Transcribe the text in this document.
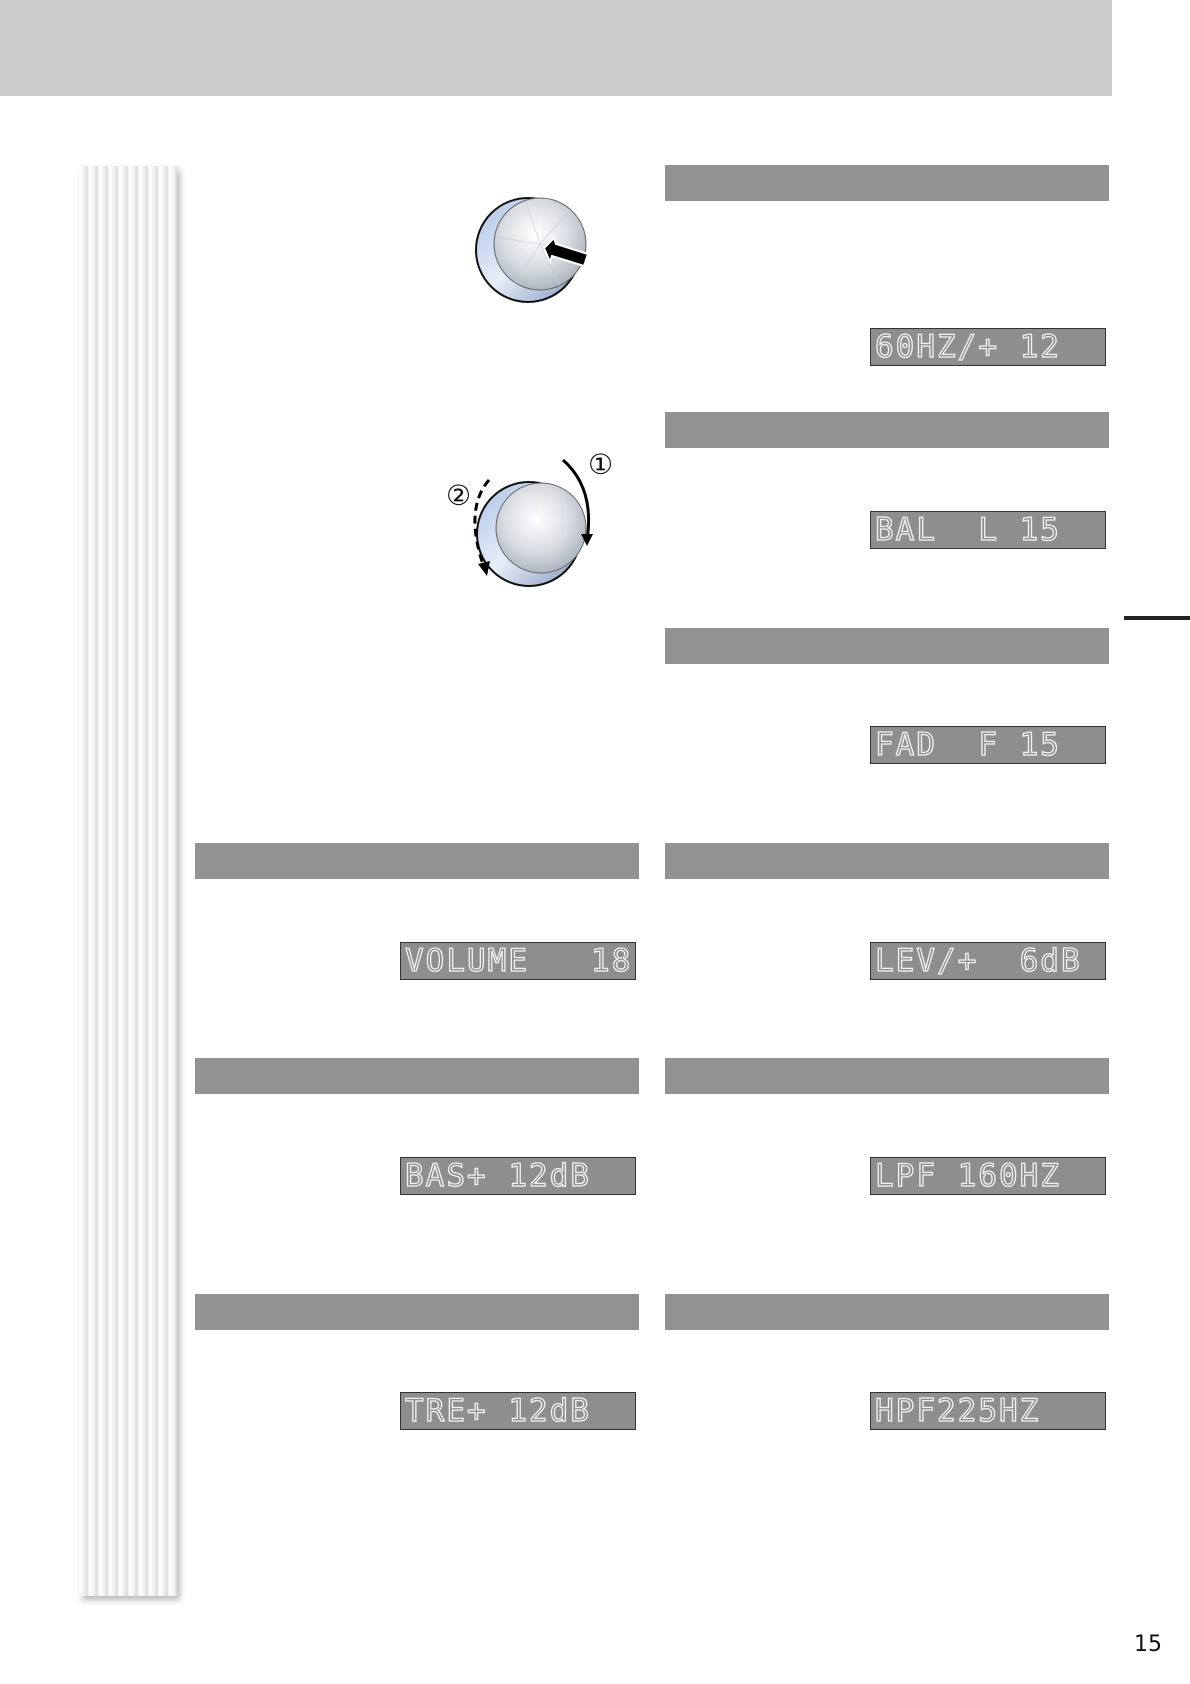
①
②
60HZ/+ 12
BAL  L 15
FAD  F 15
LEV/+  6dB
LPF 160HZ
HPF225HZ
VOLUME   18
BAS+ 12dB
TRE+ 12dB
15
